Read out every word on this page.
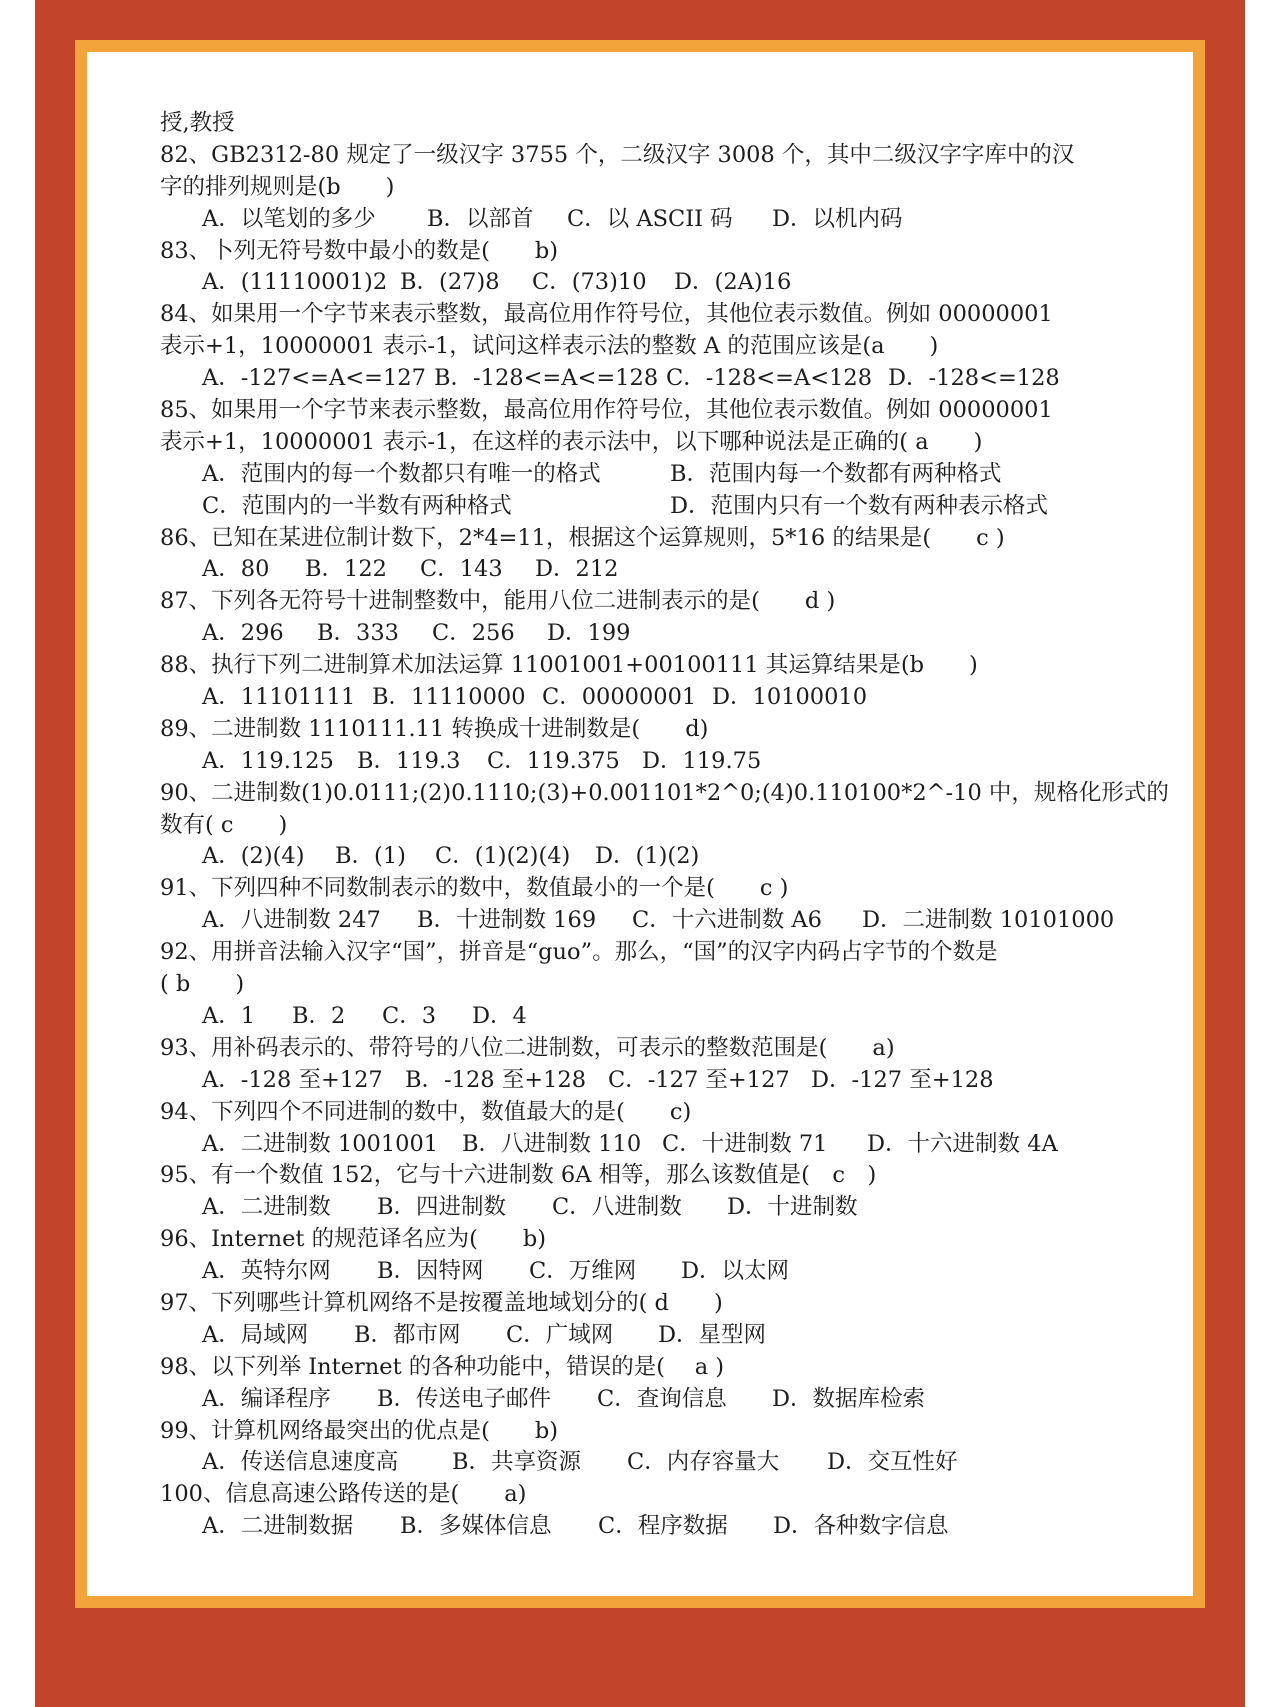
授,教授
82、GB2312-80 规定了一级汉字 3755 个，二级汉字 3008 个，其中二级汉字字库中的汉
字的排列规则是(b　　)
A．以笔划的多少 B．以部首 C．以 ASCII 码 D．以机内码
83、卜列无符号数中最小的数是(　　b)
A．(11110001)2 B．(27)8 C．(73)10 D．(2A)16
84、如果用一个字节来表示整数，最高位用作符号位，其他位表示数值。例如 00000001
表示+1，10000001 表示-1，试问这样表示法的整数 A 的范围应该是(a　　)
A．-127<=A<=127 B．-128<=A<=128 C．-128<=A<128 D．-128<=128
85、如果用一个字节来表示整数，最高位用作符号位，其他位表示数值。例如 00000001
表示+1，10000001 表示-1，在这样的表示法中，以下哪种说法是正确的( a　　)
A．范围内的每一个数都只有唯一的格式	B．范围内每一个数都有两种格式
C．范围内的一半数有两种格式	D．范围内只有一个数有两种表示格式
86、已知在某进位制计数下，2*4=11，根据这个运算规则，5*16 的结果是(　　c )
A．80 B．122 C．143 D．212
87、下列各无符号十进制整数中，能用八位二进制表示的是(　　d )
A．296 B．333 C．256 D．199
88、执行下列二进制算术加法运算 11001001+00100111 其运算结果是(b　　)
A．11101111 B．11110000 C．00000001 D．10100010
89、二进制数 1110111.11 转换成十进制数是(　　d)
A．119.125 B．119.3 C．119.375 D．119.75
90、二进制数(1)0.0111;(2)0.1110;(3)+0.001101*2^0;(4)0.110100*2^-10 中，规格化形式的
数有( c　　)
A．(2)(4) B．(1) C．(1)(2)(4) D．(1)(2)
91、下列四种不同数制表示的数中，数值最小的一个是(　　c )
A．八进制数 247 B．十进制数 169 C．十六进制数 A6 D．二进制数 10101000
92、用拼音法输入汉字“国”，拼音是“guo”。那么，“国”的汉字内码占字节的个数是
( b　　)
A．1 B．2 C．3 D．4
93、用补码表示的、带符号的八位二进制数，可表示的整数范围是(　　a)
A．-128 至+127 B．-128 至+128 C．-127 至+127 D．-127 至+128
94、下列四个不同进制的数中，数值最大的是(　　c)
A．二进制数 1001001 B．八进制数 110 C．十进制数 71 D．十六进制数 4A
95、有一个数值 152，它与十六进制数 6A 相等，那么该数值是(　c　)
A．二进制数 B．四进制数 C．八进制数 D．十进制数
96、Internet 的规范译名应为(　　b)
A．英特尔网 B．因特网 C．万维网 D．以太网
97、下列哪些计算机网络不是按覆盖地域划分的( d　　)
A．局域网 B．都市网 C．广域网 D．星型网
98、以下列举 Internet 的各种功能中，错误的是(　 a )
A．编译程序 B．传送电子邮件 C．查询信息 D．数据库检索
99、计算机网络最突出的优点是(　　b)
A．传送信息速度高 B．共享资源 C．内存容量大 D．交互性好
100、信息高速公路传送的是(　　a)
A．二进制数据 B．多媒体信息 C．程序数据 D．各种数字信息
